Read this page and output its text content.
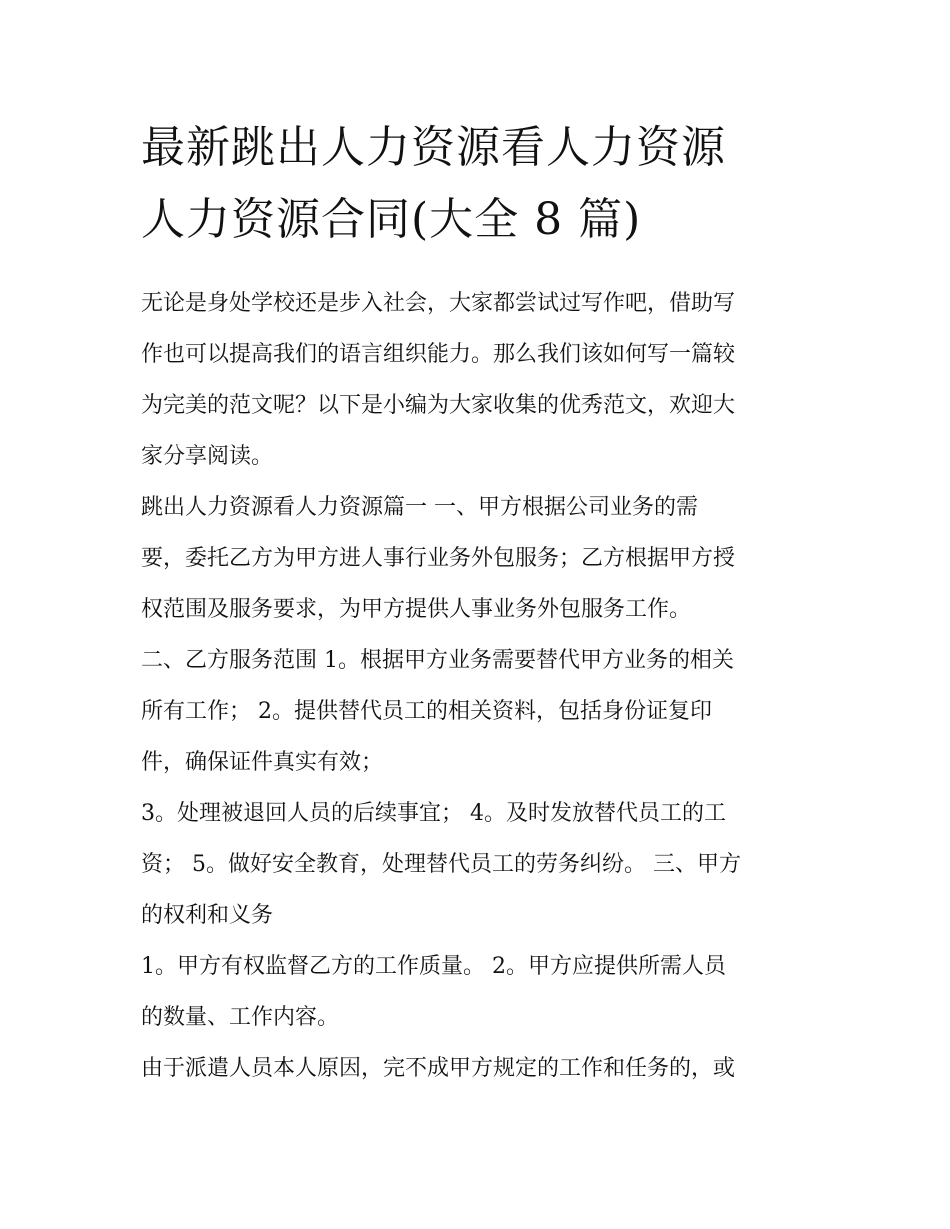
最新跳出人力资源看人力资源
人力资源合同(大全 8 篇)

无论是身处学校还是步入社会，大家都尝试过写作吧，借助写

作也可以提高我们的语言组织能力。那么我们该如何写一篇较

为完美的范文呢？以下是小编为大家收集的优秀范文，欢迎大

家分享阅读。

跳出人力资源看人力资源篇一 一、甲方根据公司业务的需

要，委托乙方为甲方进人事行业务外包服务；乙方根据甲方授

权范围及服务要求，为甲方提供人事业务外包服务工作。

二、乙方服务范围 1。根据甲方业务需要替代甲方业务的相关

所有工作； 2。提供替代员工的相关资料，包括身份证复印

件，确保证件真实有效；

3。处理被退回人员的后续事宜； 4。及时发放替代员工的工

资； 5。做好安全教育，处理替代员工的劳务纠纷。 三、甲方

的权利和义务

1。甲方有权监督乙方的工作质量。 2。甲方应提供所需人员

的数量、工作内容。

由于派遣人员本人原因，完不成甲方规定的工作和任务的，或
